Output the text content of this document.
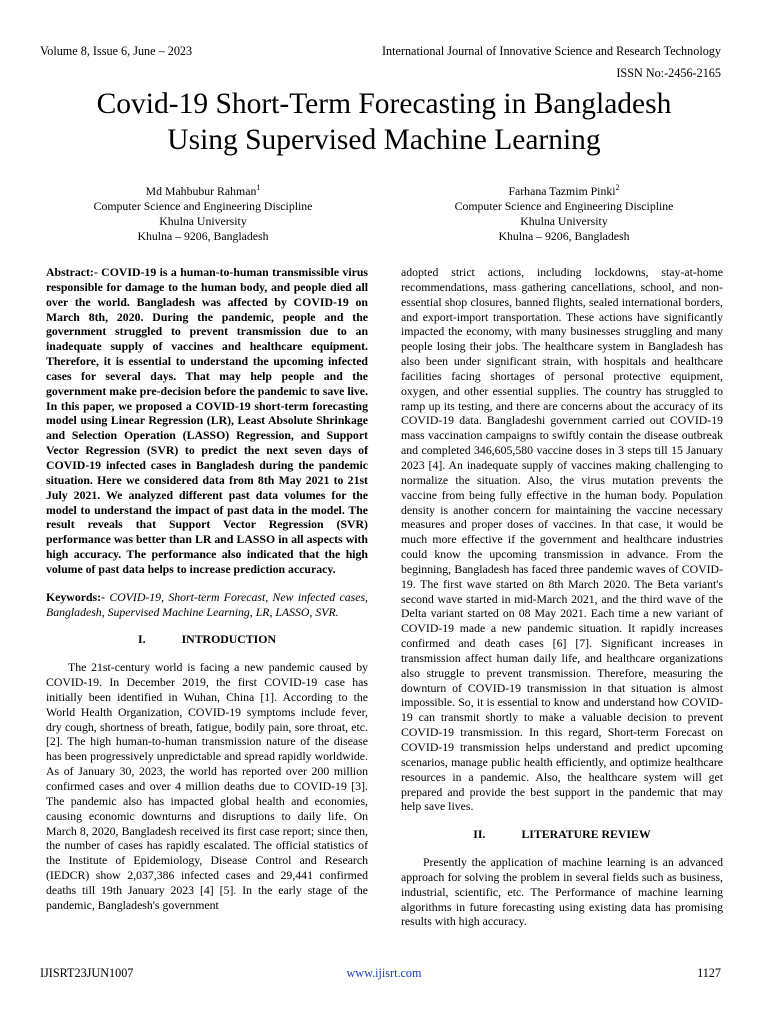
Volume 8, Issue 6, June – 2023	International Journal of Innovative Science and Research Technology
ISSN No:-2456-2165
Covid-19 Short-Term Forecasting in Bangladesh
Using Supervised Machine Learning
Md Mahbubur Rahman$^1$
Computer Science and Engineering Discipline
Khulna University
Khulna – 9206, Bangladesh
Farhana Tazmim Pinki$^2$
Computer Science and Engineering Discipline
Khulna University
Khulna – 9206, Bangladesh

Abstract:- COVID-19 is a human-to-human transmissible virus responsible for damage to the human body, and people died all over the world. Bangladesh was affected by COVID-19 on March 8th, 2020. During the pandemic, people and the government struggled to prevent transmission due to an inadequate supply of vaccines and healthcare equipment. Therefore, it is essential to understand the upcoming infected cases for several days. That may help people and the government make pre-decision before the pandemic to save live. In this paper, we proposed a COVID-19 short-term forecasting model using Linear Regression (LR), Least Absolute Shrinkage and Selection Operation (LASSO) Regression, and Support Vector Regression (SVR) to predict the next seven days of COVID-19 infected cases in Bangladesh during the pandemic situation. Here we considered data from 8th May 2021 to 21st July 2021. We analyzed different past data volumes for the model to understand the impact of past data in the model. The result reveals that Support Vector Regression (SVR) performance was better than LR and LASSO in all aspects with high accuracy. The performance also indicated that the high volume of past data helps to increase prediction accuracy.

Keywords:- COVID-19, Short-term Forecast, New infected cases, Bangladesh, Supervised Machine Learning, LR, LASSO, SVR.

I.	INTRODUCTION

The 21st-century world is facing a new pandemic caused by COVID-19. In December 2019, the first COVID-19 case has initially been identified in Wuhan, China [1]. According to the World Health Organization, COVID-19 symptoms include fever, dry cough, shortness of breath, fatigue, bodily pain, sore throat, etc. [2]. The high human-to-human transmission nature of the disease has been progressively unpredictable and spread rapidly worldwide. As of January 30, 2023, the world has reported over 200 million confirmed cases and over 4 million deaths due to COVID-19 [3]. The pandemic also has impacted global health and economies, causing economic downturns and disruptions to daily life. On March 8, 2020, Bangladesh received its first case report; since then, the number of cases has rapidly escalated. The official statistics of the Institute of Epidemiology, Disease Control and Research (IEDCR) show 2,037,386 infected cases and 29,441 confirmed deaths till 19th January 2023 [4] [5]. In the early stage of the pandemic, Bangladesh's government

adopted strict actions, including lockdowns, stay-at-home recommendations, mass gathering cancellations, school, and non-essential shop closures, banned flights, sealed international borders, and export-import transportation. These actions have significantly impacted the economy, with many businesses struggling and many people losing their jobs. The healthcare system in Bangladesh has also been under significant strain, with hospitals and healthcare facilities facing shortages of personal protective equipment, oxygen, and other essential supplies. The country has struggled to ramp up its testing, and there are concerns about the accuracy of its COVID-19 data. Bangladeshi government carried out COVID-19 mass vaccination campaigns to swiftly contain the disease outbreak and completed 346,605,580 vaccine doses in 3 steps till 15 January 2023 [4]. An inadequate supply of vaccines making challenging to normalize the situation. Also, the virus mutation prevents the vaccine from being fully effective in the human body. Population density is another concern for maintaining the vaccine necessary measures and proper doses of vaccines. In that case, it would be much more effective if the government and healthcare industries could know the upcoming transmission in advance. From the beginning, Bangladesh has faced three pandemic waves of COVID-19. The first wave started on 8th March 2020. The Beta variant's second wave started in mid-March 2021, and the third wave of the Delta variant started on 08 May 2021. Each time a new variant of COVID-19 made a new pandemic situation. It rapidly increases confirmed and death cases [6] [7]. Significant increases in transmission affect human daily life, and healthcare organizations also struggle to prevent transmission. Therefore, measuring the downturn of COVID-19 transmission in that situation is almost impossible. So, it is essential to know and understand how COVID-19 can transmit shortly to make a valuable decision to prevent COVID-19 transmission. In this regard, Short-term Forecast on COVID-19 transmission helps understand and predict upcoming scenarios, manage public health efficiently, and optimize healthcare resources in a pandemic. Also, the healthcare system will get prepared and provide the best support in the pandemic that may help save lives.

II.	LITERATURE REVIEW

Presently the application of machine learning is an advanced approach for solving the problem in several fields such as business, industrial, scientific, etc. The Performance of machine learning algorithms in future forecasting using existing data has promising results with high accuracy.

IJISRT23JUN1007	www.ijisrt.com	1127
